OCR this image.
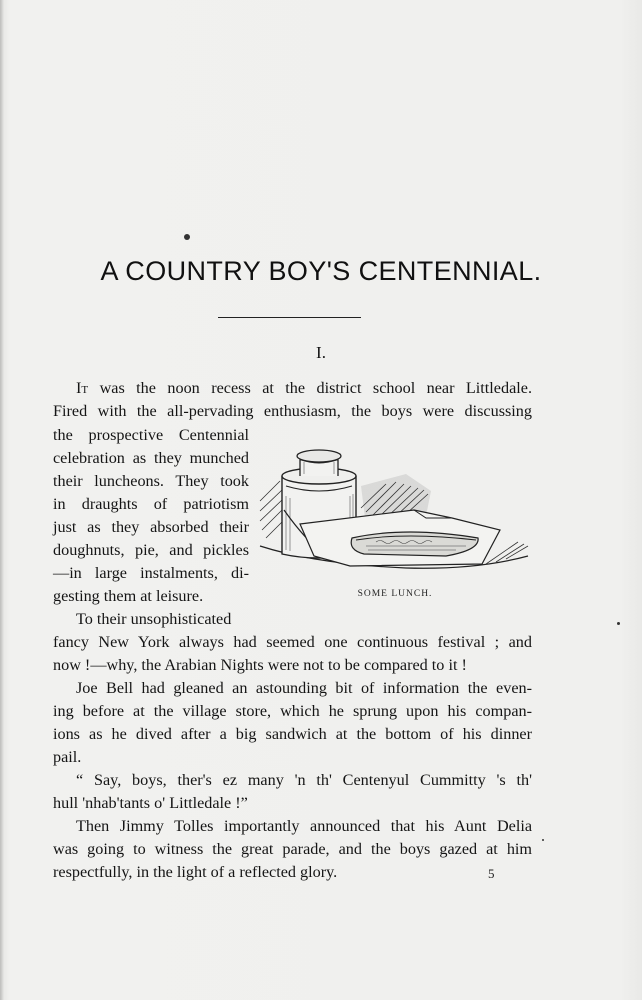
A COUNTRY BOY'S CENTENNIAL.
I.
It was the noon recess at the district school near Littledale.
Fired with the all-pervading enthusiasm, the boys were discussing
the prospective Centennial
celebration as they munched
their luncheons. They took
in draughts of patriotism
just as they absorbed their
doughnuts, pie, and pickles
—in large instalments, di-
gesting them at leisure.
To their unsophisticated
SOME LUNCH.
fancy New York always had seemed one continuous festival ; and
now !—why, the Arabian Nights were not to be compared to it !
Joe Bell had gleaned an astounding bit of information the even-
ing before at the village store, which he sprung upon his compan-
ions as he dived after a big sandwich at the bottom of his dinner
pail.
“ Say, boys, ther's ez many 'n th' Centenyul Cummitty 's th'
hull 'nhab'tants o' Littledale !”
Then Jimmy Tolles importantly announced that his Aunt Delia
was going to witness the great parade, and the boys gazed at him
respectfully, in the light of a reflected glory.	5
